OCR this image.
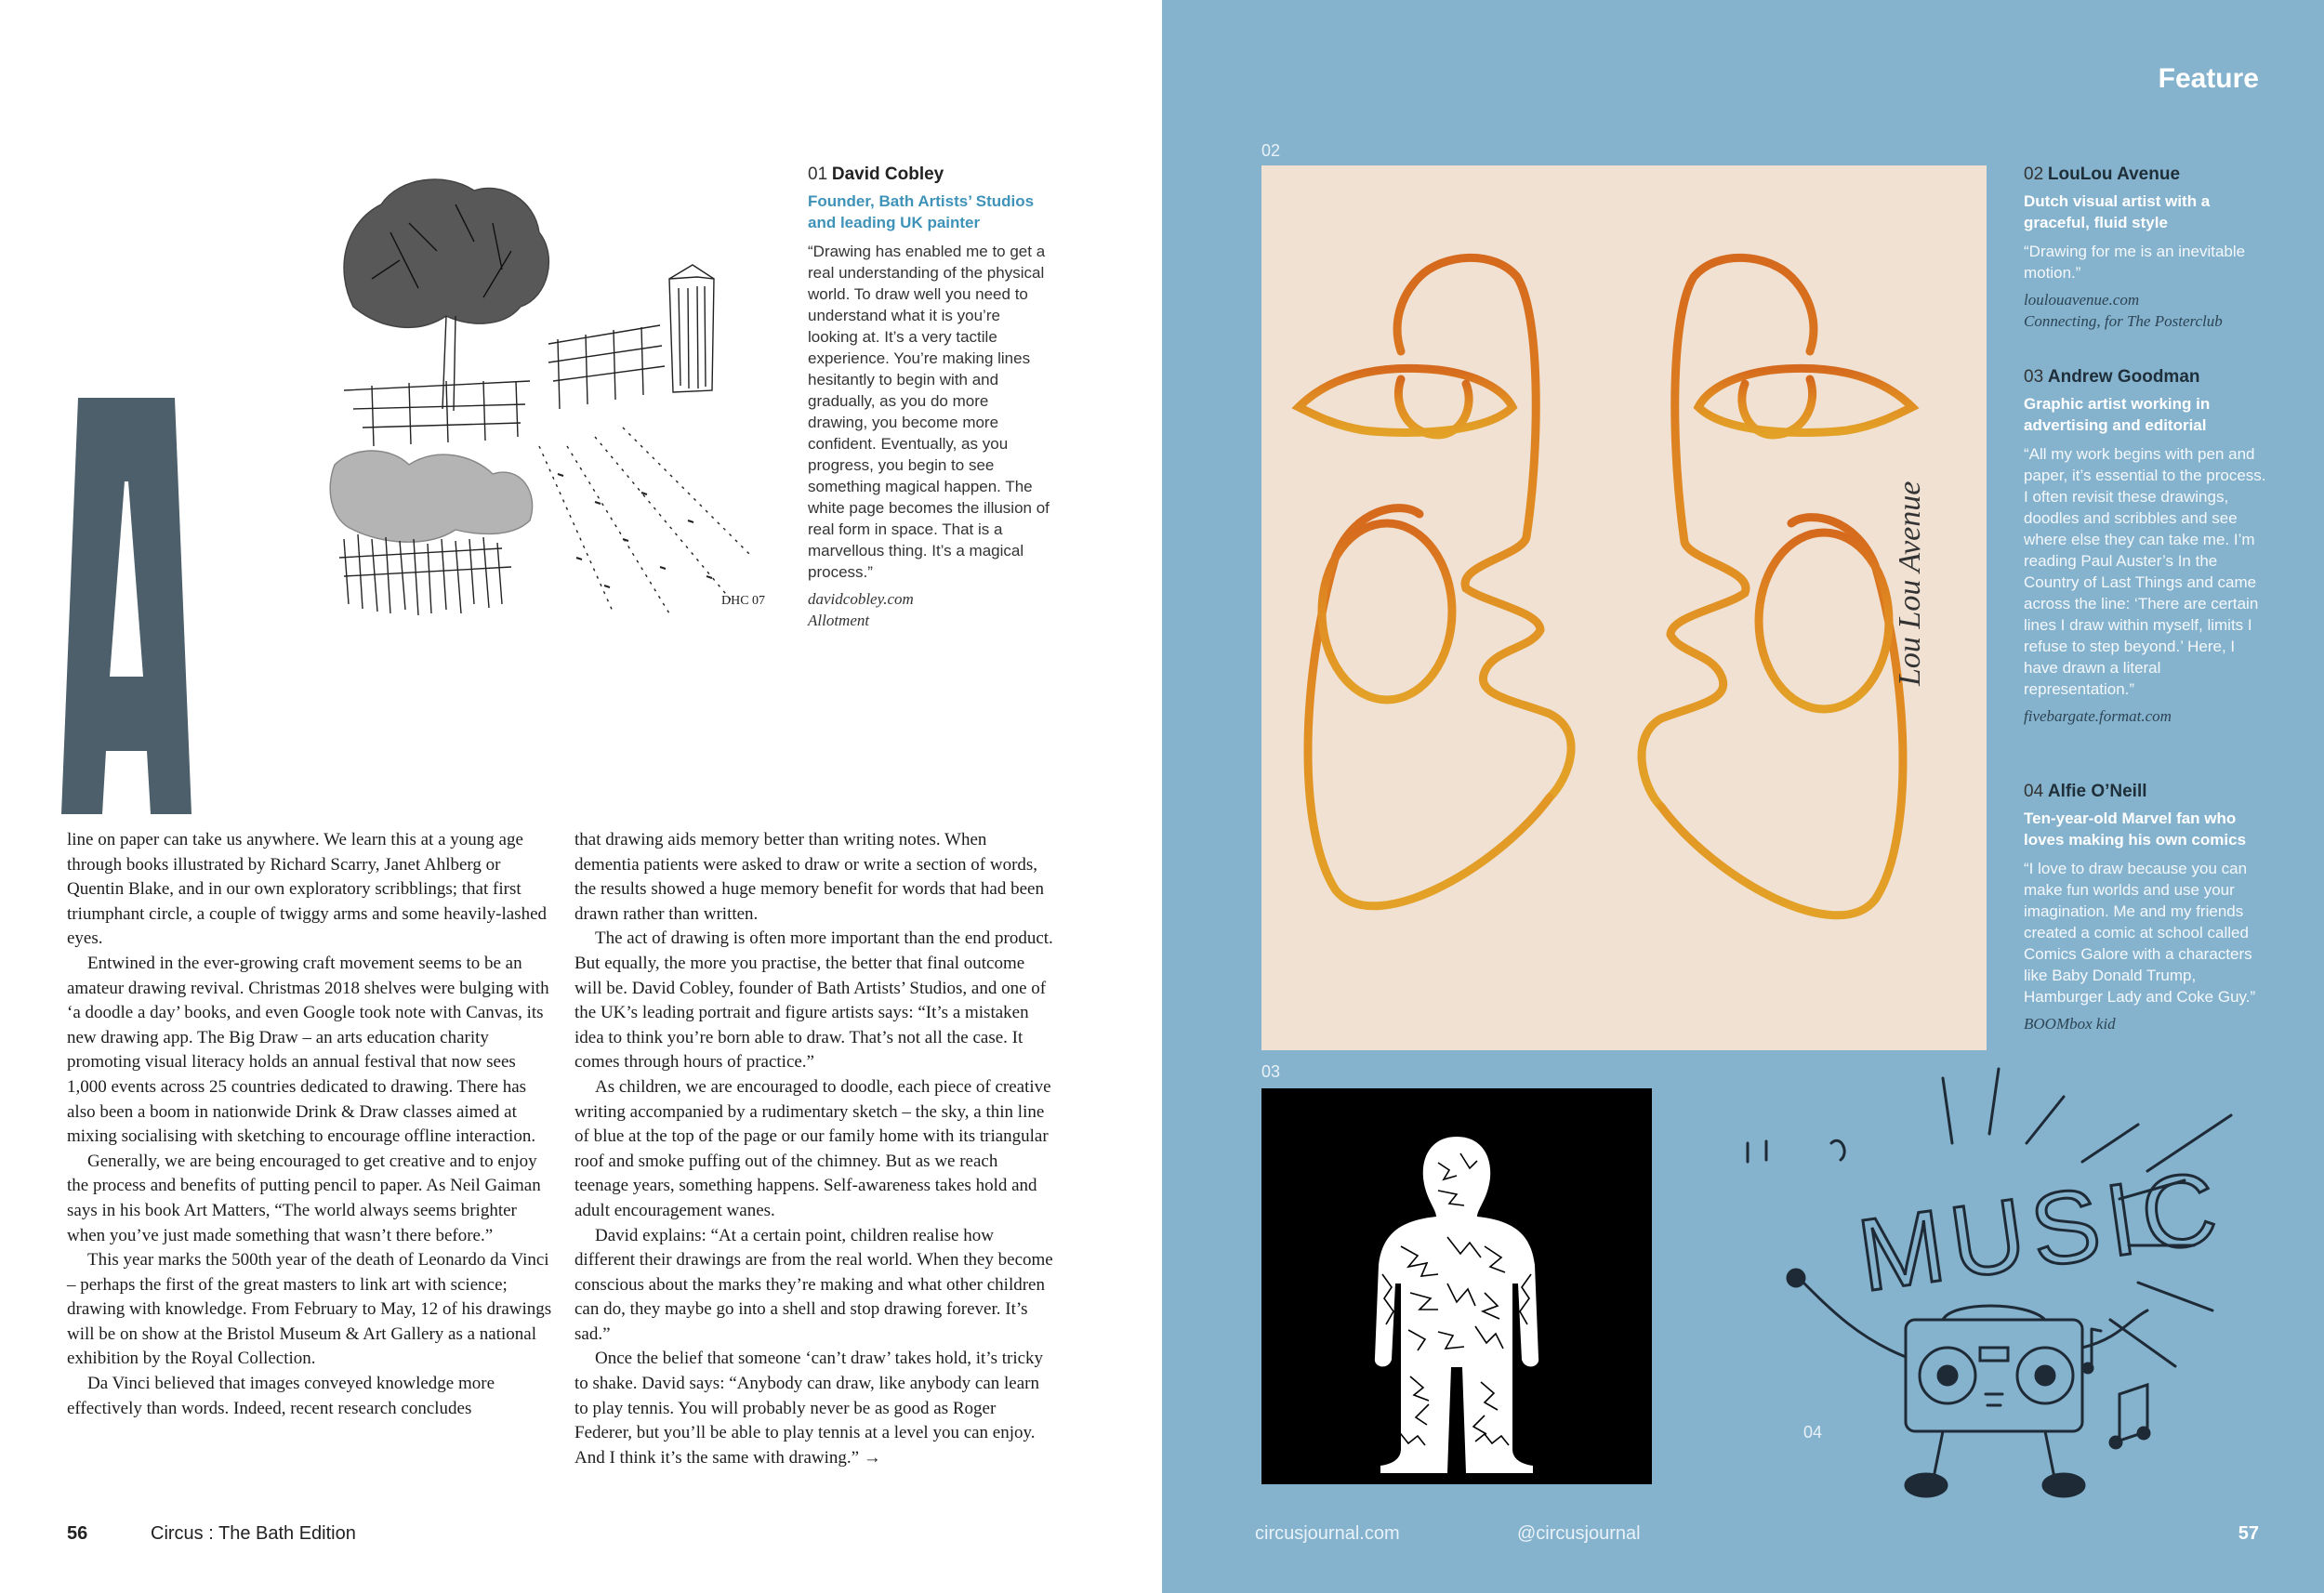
DHC 07
01 David Cobley
Founder, Bath Artists’ Studios and leading UK painter
“Drawing has enabled me to get a real understanding of the physical world. To draw well you need to understand what it is you’re looking at. It’s a very tactile experience. You’re making lines hesitantly to begin with and gradually, as you do more drawing, you become more confident. Eventually, as you progress, you begin to see something magical happen. The white page becomes the illusion of real form in space. That is a marvellous thing. It’s a magical process.”
davidcobley.com
Allotment

line on paper can take us anywhere. We learn this at a young age through books illustrated by Richard Scarry, Janet Ahlberg or Quentin Blake, and in our own exploratory scribblings; that first triumphant circle, a couple of twiggy arms and some heavily-lashed eyes.

Entwined in the ever-growing craft movement seems to be an amateur drawing revival. Christmas 2018 shelves were bulging with ‘a doodle a day’ books, and even Google took note with Canvas, its new drawing app. The Big Draw – an arts education charity promoting visual literacy holds an annual festival that now sees 1,000 events across 25 countries dedicated to drawing. There has also been a boom in nationwide Drink & Draw classes aimed at mixing socialising with sketching to encourage offline interaction.

Generally, we are being encouraged to get creative and to enjoy the process and benefits of putting pencil to paper. As Neil Gaiman says in his book Art Matters, “The world always seems brighter when you’ve just made something that wasn’t there before.”

This year marks the 500th year of the death of Leonardo da Vinci – perhaps the first of the great masters to link art with science; drawing with knowledge. From February to May, 12 of his drawings will be on show at the Bristol Museum & Art Gallery as a national exhibition by the Royal Collection.

Da Vinci believed that images conveyed knowledge more effectively than words. Indeed, recent research concludes

that drawing aids memory better than writing notes. When dementia patients were asked to draw or write a section of words, the results showed a huge memory benefit for words that had been drawn rather than written.

The act of drawing is often more important than the end product. But equally, the more you practise, the better that final outcome will be. David Cobley, founder of Bath Artists’ Studios, and one of the UK’s leading portrait and figure artists says: “It’s a mistaken idea to think you’re born able to draw. That’s not all the case. It comes through hours of practice.”

As children, we are encouraged to doodle, each piece of creative writing accompanied by a rudimentary sketch – the sky, a thin line of blue at the top of the page or our family home with its triangular roof and smoke puffing out of the chimney. But as we reach teenage years, something happens. Self-awareness takes hold and adult encouragement wanes.

David explains: “At a certain point, children realise how different their drawings are from the real world. When they become conscious about the marks they’re making and what other children can do, they maybe go into a shell and stop drawing forever. It’s sad.”

Once the belief that someone ‘can’t draw’ takes hold, it’s tricky to shake. David says: “Anybody can draw, like anybody can learn to play tennis. You will probably never be as good as Roger Federer, but you’ll be able to play tennis at a level you can enjoy. And I think it’s the same with drawing.” →

56	Circus : The Bath Edition
Feature
02
Lou Lou Avenue
02 LouLou Avenue
Dutch visual artist with a graceful, fluid style
“Drawing for me is an inevitable motion.”
loulouavenue.com
Connecting, for The Posterclub
03 Andrew Goodman
Graphic artist working in advertising and editorial
“All my work begins with pen and paper, it’s essential to the process. I often revisit these drawings, doodles and scribbles and see where else they can take me. I’m reading Paul Auster’s In the Country of Last Things and came across the line: ‘There are certain lines I draw within myself, limits I refuse to step beyond.’ Here, I have drawn a literal representation.”
fivebargate.format.com
04 Alfie O’Neill
Ten-year-old Marvel fan who loves making his own comics
“I love to draw because you can make fun worlds and use your imagination. Me and my friends created a comic at school called Comics Galore with a characters like Baby Donald Trump, Hamburger Lady and Coke Guy.”
BOOMbox kid
03
04
MUSIC
circusjournal.com	@circusjournal	57
